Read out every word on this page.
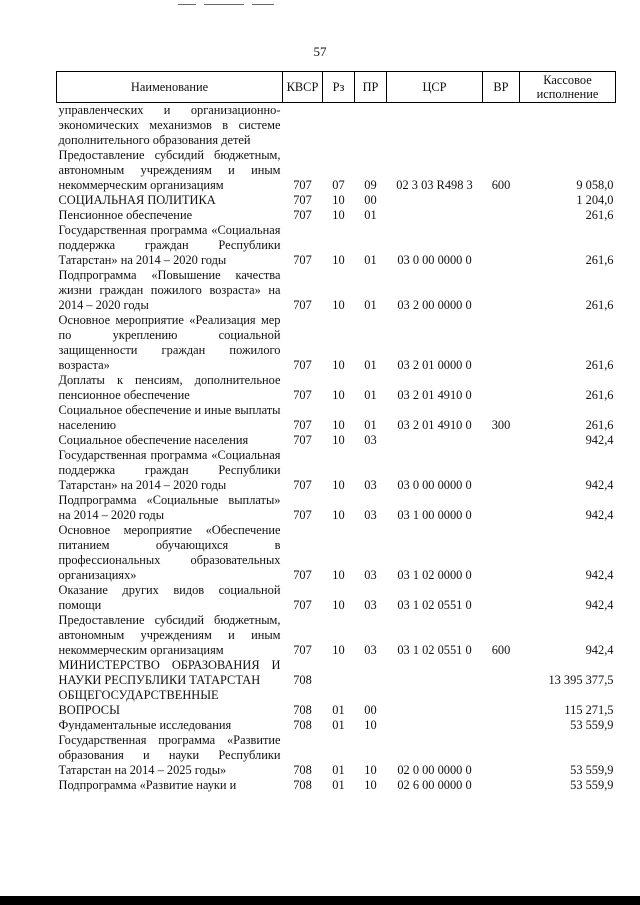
57
Наименование	КВСР	Рз	ПР	ЦСР	ВР	Кассовое исполнение
управленческих и организационно-экономических механизмов в системе дополнительного образования детей						
Предоставление субсидий бюджетным, автономным учреждениям и иным некоммерческим организациям	707	07	09	02 3 03 R498 3	600	9 058,0
СОЦИАЛЬНАЯ ПОЛИТИКА	707	10	00			1 204,0
Пенсионное обеспечение	707	10	01			261,6
Государственная программа «Социальная поддержка граждан Республики Татарстан» на 2014 – 2020 годы	707	10	01	03 0 00 0000 0		261,6
Подпрограмма «Повышение качества жизни граждан пожилого возраста» на 2014 – 2020 годы	707	10	01	03 2 00 0000 0		261,6
Основное мероприятие «Реализация мер по укреплению социальной защищенности граждан пожилого возраста»	707	10	01	03 2 01 0000 0		261,6
Доплаты к пенсиям, дополнительное пенсионное обеспечение	707	10	01	03 2 01 4910 0		261,6
Социальное обеспечение и иные выплаты населению	707	10	01	03 2 01 4910 0	300	261,6
Социальное обеспечение населения	707	10	03			942,4
Государственная программа «Социальная поддержка граждан Республики Татарстан» на 2014 – 2020 годы	707	10	03	03 0 00 0000 0		942,4
Подпрограмма «Социальные выплаты» на 2014 – 2020 годы	707	10	03	03 1 00 0000 0		942,4
Основное мероприятие «Обеспечение питанием обучающихся в профессиональных образовательных организациях»	707	10	03	03 1 02 0000 0		942,4
Оказание других видов социальной помощи	707	10	03	03 1 02 0551 0		942,4
Предоставление субсидий бюджетным, автономным учреждениям и иным некоммерческим организациям	707	10	03	03 1 02 0551 0	600	942,4
МИНИСТЕРСТВО ОБРАЗОВАНИЯ И НАУКИ РЕСПУБЛИКИ ТАТАРСТАН	708					13 395 377,5
ОБЩЕГОСУДАРСТВЕННЫЕ ВОПРОСЫ	708	01	00			115 271,5
Фундаментальные исследования	708	01	10			53 559,9
Государственная программа «Развитие образования и науки Республики Татарстан на 2014 – 2025 годы»	708	01	10	02 0 00 0000 0		53 559,9
Подпрограмма «Развитие науки и	708	01	10	02 6 00 0000 0		53 559,9
